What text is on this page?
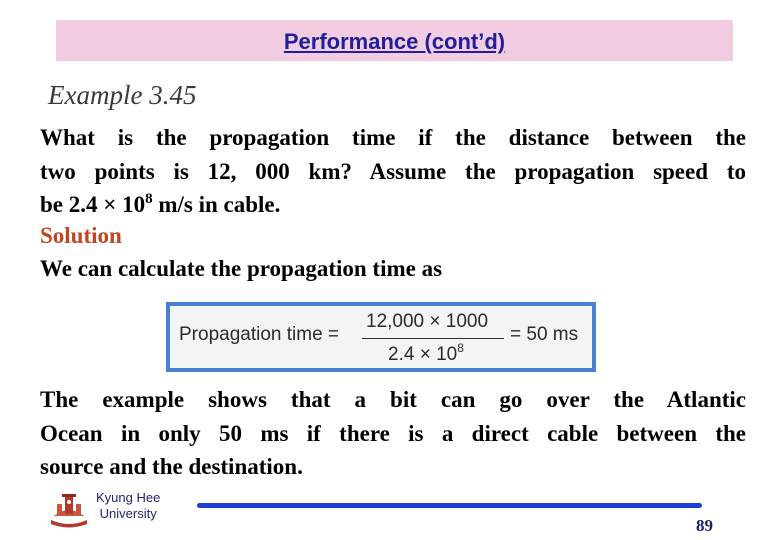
Performance (cont’d)
Example 3.45
What is the propagation time if the distance between the
two points is 12, 000 km? Assume the propagation speed to
be $2.4 \times 10^8$ m/s in cable.
Solution
We can calculate the propagation time as
Propagation time =
12,000 × 1000
$2.4 \times 10^8$
= 50 ms
The example shows that a bit can go over the Atlantic
Ocean in only 50 ms if there is a direct cable between the
source and the destination.
Kyung Hee
University
89
